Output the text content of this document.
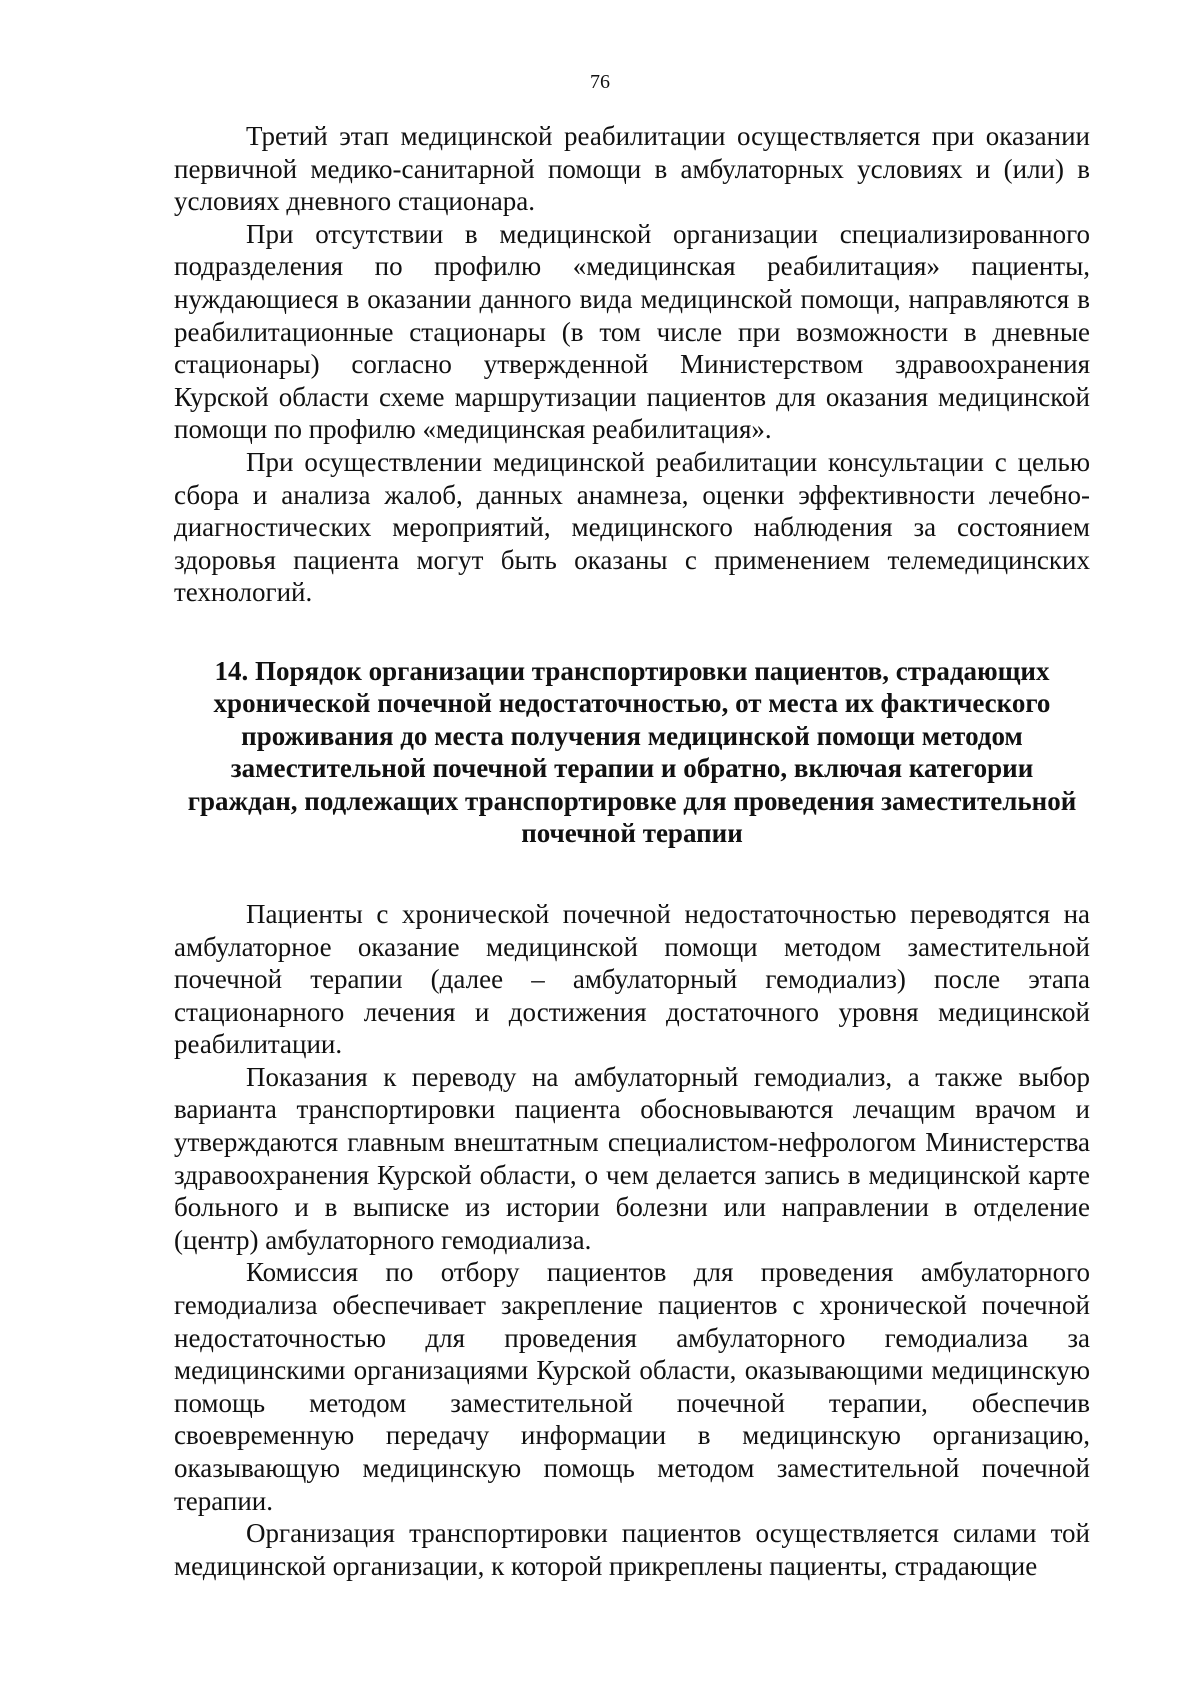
76

Третий этап медицинской реабилитации осуществляется при оказании первичной медико-санитарной помощи в амбулаторных условиях и (или) в условиях дневного стационара.

При отсутствии в медицинской организации специализированного подразделения по профилю «медицинская реабилитация» пациенты, нуждающиеся в оказании данного вида медицинской помощи, направляются в реабилитационные стационары (в том числе при возможности в дневные стационары) согласно утвержденной Министерством здравоохранения Курской области схеме маршрутизации пациентов для оказания медицинской помощи по профилю «медицинская реабилитация».

При осуществлении медицинской реабилитации консультации с целью сбора и анализа жалоб, данных анамнеза, оценки эффективности лечебно-диагностических мероприятий, медицинского наблюдения за состоянием здоровья пациента могут быть оказаны с применением телемедицинских технологий.

14. Порядок организации транспортировки пациентов, страдающих хронической почечной недостаточностью, от места их фактического проживания до места получения медицинской помощи методом заместительной почечной терапии и обратно, включая категории граждан, подлежащих транспортировке для проведения заместительной почечной терапии

Пациенты с хронической почечной недостаточностью переводятся на амбулаторное оказание медицинской помощи методом заместительной почечной терапии (далее – амбулаторный гемодиализ) после этапа стационарного лечения и достижения достаточного уровня медицинской реабилитации.

Показания к переводу на амбулаторный гемодиализ, а также выбор варианта транспортировки пациента обосновываются лечащим врачом и утверждаются главным внештатным специалистом-нефрологом Министерства здравоохранения Курской области, о чем делается запись в медицинской карте больного и в выписке из истории болезни или направлении в отделение (центр) амбулаторного гемодиализа.

Комиссия по отбору пациентов для проведения амбулаторного гемодиализа обеспечивает закрепление пациентов с хронической почечной недостаточностью для проведения амбулаторного гемодиализа за медицинскими организациями Курской области, оказывающими медицинскую помощь методом заместительной почечной терапии, обеспечив своевременную передачу информации в медицинскую организацию, оказывающую медицинскую помощь методом заместительной почечной терапии.

Организация транспортировки пациентов осуществляется силами той медицинской организации, к которой прикреплены пациенты, страдающие
